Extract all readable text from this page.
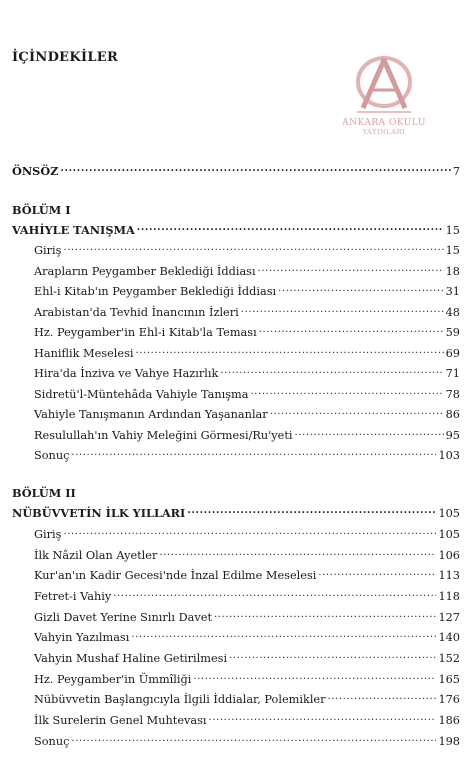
İÇİNDEKİLER
ANKARA OKULU
YAYINLARI
ÖNSÖZ .....	7
BÖLÜM I
VAHİYLE TANIŞMA .....	15
Giriş .....	15
Arapların Peygamber Beklediği İddiası .....	18
Ehl-i Kitab'ın Peygamber Beklediği İddiası .....	31
Arabistan'da Tevhid İnancının İzleri .....	48
Hz. Peygamber'in Ehl-i Kitab'la Teması .....	59
Haniflik Meselesi .....	69
Hira'da İnziva ve Vahye Hazırlık .....	71
Sidretü'l-Müntehâda Vahiyle Tanışma .....	78
Vahiyle Tanışmanın Ardından Yaşananlar .....	86
Resulullah'ın Vahiy Meleğini Görmesi/Ru'yeti .....	95
Sonuç .....	103
BÖLÜM II
NÜBÜVVETİN İLK YILLARI .....	105
Giriş .....	105
İlk Nâzil Olan Ayetler .....	106
Kur'an'ın Kadir Gecesi'nde İnzal Edilme Meselesi .....	113
Fetret-i Vahiy .....	118
Gizli Davet Yerine Sınırlı Davet .....	127
Vahyin Yazılması .....	140
Vahyin Mushaf Haline Getirilmesi .....	152
Hz. Peygamber'in Ümmîliği .....	165
Nübüvvetin Başlangıcıyla İlgili İddialar, Polemikler .....	176
İlk Surelerin Genel Muhtevası .....	186
Sonuç .....	198
